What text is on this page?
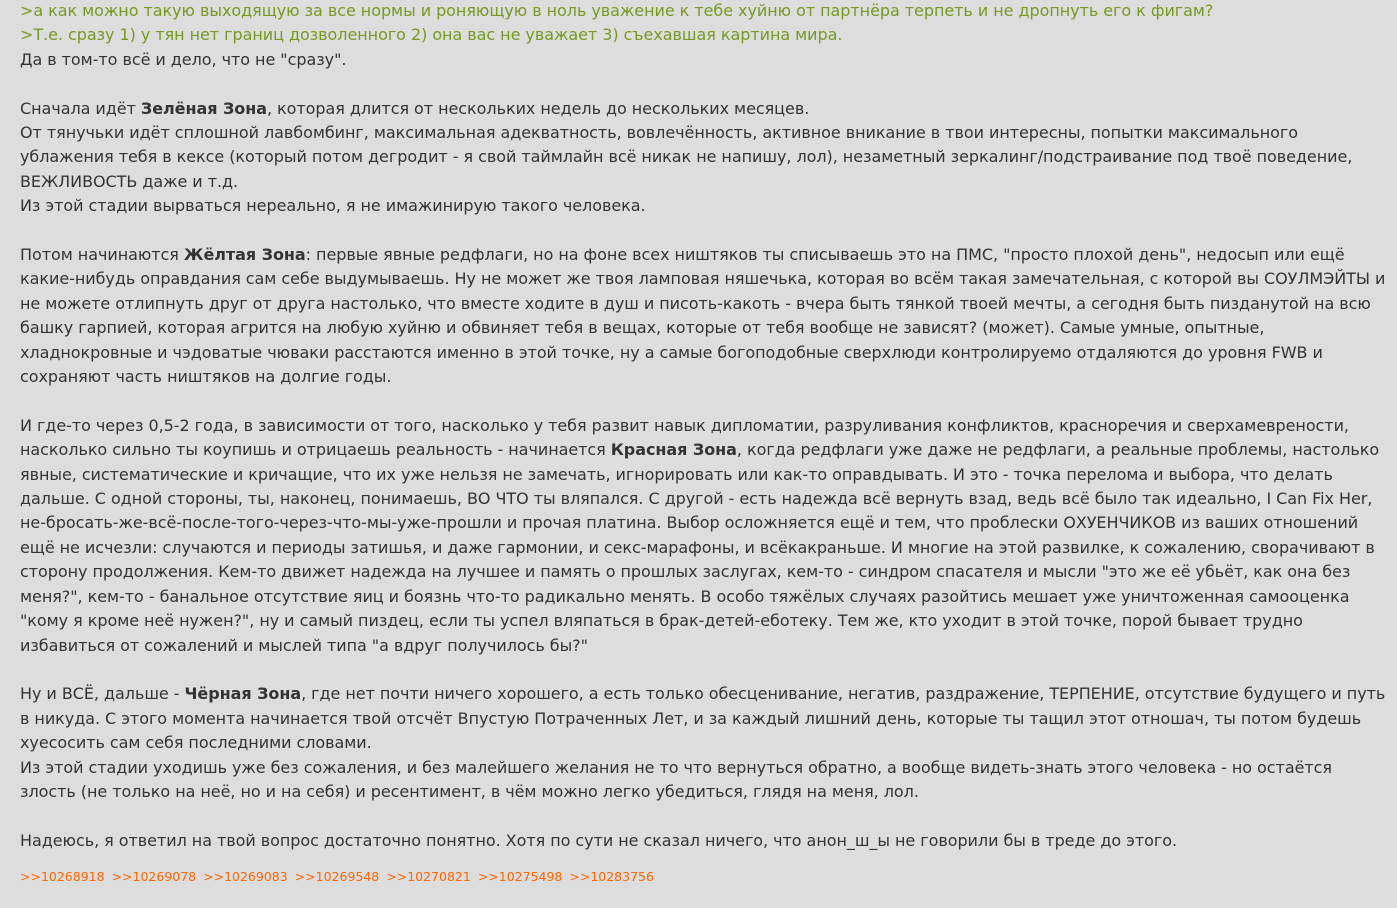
>а как можно такую выходящую за все нормы и роняющую в ноль уважение к тебе хуйню от партнёра терпеть и не дропнуть его к фигам?
>Т.е. сразу 1) у тян нет границ дозволенного 2) она вас не уважает 3) съехавшая картина мира.
Да в том-то всё и дело, что не "сразу".
Сначала идёт Зелёная Зона, которая длится от нескольких недель до нескольких месяцев.
От тянучьки идёт сплошной лавбомбинг, максимальная адекватность, вовлечённость, активное вникание в твои интересны, попытки максимального ублажения тебя в кексе (который потом дегродит - я свой таймлайн всё никак не напишу, лол), незаметный зеркалинг/подстраивание под твоё поведение, ВЕЖЛИВОСТЬ даже и т.д.
Из этой стадии вырваться нереально, я не имажинирую такого человека.
Потом начинаются Жёлтая Зона: первые явные редфлаги, но на фоне всех ништяков ты списываешь это на ПМС, "просто плохой день", недосып или ещё какие-нибудь оправдания сам себе выдумываешь. Ну не может же твоя ламповая няшечька, которая во всём такая замечательная, с которой вы СОУЛМЭЙТЫ и не можете отлипнуть друг от друга настолько, что вместе ходите в душ и писоть-какоть - вчера быть тянкой твоей мечты, а сегодня быть пизданутой на всю башку гарпией, которая агрится на любую хуйню и обвиняет тебя в вещах, которые от тебя вообще не зависят? (может). Самые умные, опытные, хладнокровные и чэдоватые чюваки расстаются именно в этой точке, ну а самые богоподобные сверхлюди контролируемо отдаляются до уровня FWB и сохраняют часть ништяков на долгие годы.
И где-то через 0,5-2 года, в зависимости от того, насколько у тебя развит навык дипломатии, разруливания конфликтов, красноречия и сверхамеврености, насколько сильно ты коупишь и отрицаешь реальность - начинается Красная Зона, когда редфлаги уже даже не редфлаги, а реальные проблемы, настолько явные, систематические и кричащие, что их уже нельзя не замечать, игнорировать или как-то оправдывать. И это - точка перелома и выбора, что делать дальше. С одной стороны, ты, наконец, понимаешь, ВО ЧТО ты вляпался. С другой - есть надежда всё вернуть взад, ведь всё было так идеально, I Can Fix Her, не-бросать-же-всё-после-того-через-что-мы-уже-прошли и прочая платина. Выбор осложняется ещё и тем, что проблески ОХУЕНЧИКОВ из ваших отношений ещё не исчезли: случаются и периоды затишья, и даже гармонии, и секс-марафоны, и всёкакраньше. И многие на этой развилке, к сожалению, сворачивают в сторону продолжения. Кем-то движет надежда на лучшее и память о прошлых заслугах, кем-то - синдром спасателя и мысли "это же её убьёт, как она без меня?", кем-то - банальное отсутствие яиц и боязнь что-то радикально менять. В особо тяжёлых случаях разойтись мешает уже уничтоженная самооценка "кому я кроме неё нужен?", ну и самый пиздец, если ты успел вляпаться в брак-детей-еботеку. Тем же, кто уходит в этой точке, порой бывает трудно избавиться от сожалений и мыслей типа "а вдруг получилось бы?"
Ну и ВСЁ, дальше - Чёрная Зона, где нет почти ничего хорошего, а есть только обесценивание, негатив, раздражение, ТЕРПЕНИЕ, отсутствие будущего и путь в никуда. С этого момента начинается твой отсчёт Впустую Потраченных Лет, и за каждый лишний день, которые ты тащил этот отношач, ты потом будешь хуесосить сам себя последними словами.
Из этой стадии уходишь уже без сожаления, и без малейшего желания не то что вернуться обратно, а вообще видеть-знать этого человека - но остаётся злость (не только на неё, но и на себя) и ресентимент, в чём можно легко убедиться, глядя на меня, лол.
Надеюсь, я ответил на твой вопрос достаточно понятно. Хотя по сути не сказал ничего, что анон_ш_ы не говорили бы в треде до этого.
>>10268918 >>10269078 >>10269083 >>10269548 >>10270821 >>10275498 >>10283756
